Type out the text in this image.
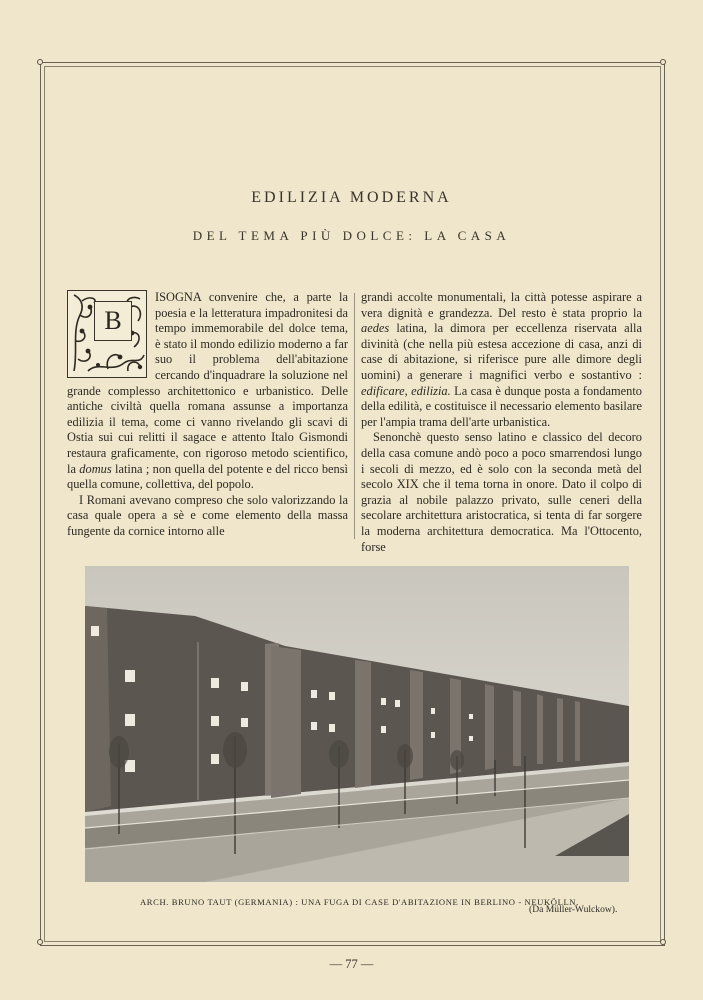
EDILIZIA MODERNA
DEL TEMA PIÙ DOLCE: LA CASA
B

ISOGNA convenire che, a parte la poesia e la letteratura impadronitesi da tempo immemorabile del dolce tema, è stato il mondo edilizio moderno a far suo il problema dell'abitazione cercando d'inquadrare la soluzione nel grande complesso architettonico e urbanistico. Delle antiche civiltà quella romana assunse a importanza edilizia il tema, come ci vanno rivelando gli scavi di Ostia sui cui relitti il sagace e attento Italo Gismondi restaura graficamente, con rigoroso metodo scientifico, la domus latina ; non quella del potente e del ricco bensì quella comune, collettiva, del popolo.

I Romani avevano compreso che solo valorizzando la casa quale opera a sè e come elemento della massa fungente da cornice intorno alle

grandi accolte monumentali, la città potesse aspirare a vera dignità e grandezza. Del resto è stata proprio la aedes latina, la dimora per eccellenza riservata alla divinità (che nella più estesa accezione di casa, anzi di case di abitazione, si riferisce pure alle dimore degli uomini) a generare i magnifici verbo e sostantivo : edificare, edilizia. La casa è dunque posta a fondamento della edilità, e costituisce il necessario elemento basilare per l'ampia trama dell'arte urbanistica.

Senonchè questo senso latino e classico del decoro della casa comune andò poco a poco smarrendosi lungo i secoli di mezzo, ed è solo con la seconda metà del secolo XIX che il tema torna in onore. Dato il colpo di grazia al nobile palazzo privato, sulle ceneri della secolare architettura aristocratica, si tenta di far sorgere la moderna architettura democratica. Ma l'Ottocento, forse

ARCH. BRUNO TAUT (GERMANIA) : UNA FUGA DI CASE D'ABITAZIONE IN BERLINO - NEUKÖLLN.
(Da Müller-Wulckow).
— 77 —
